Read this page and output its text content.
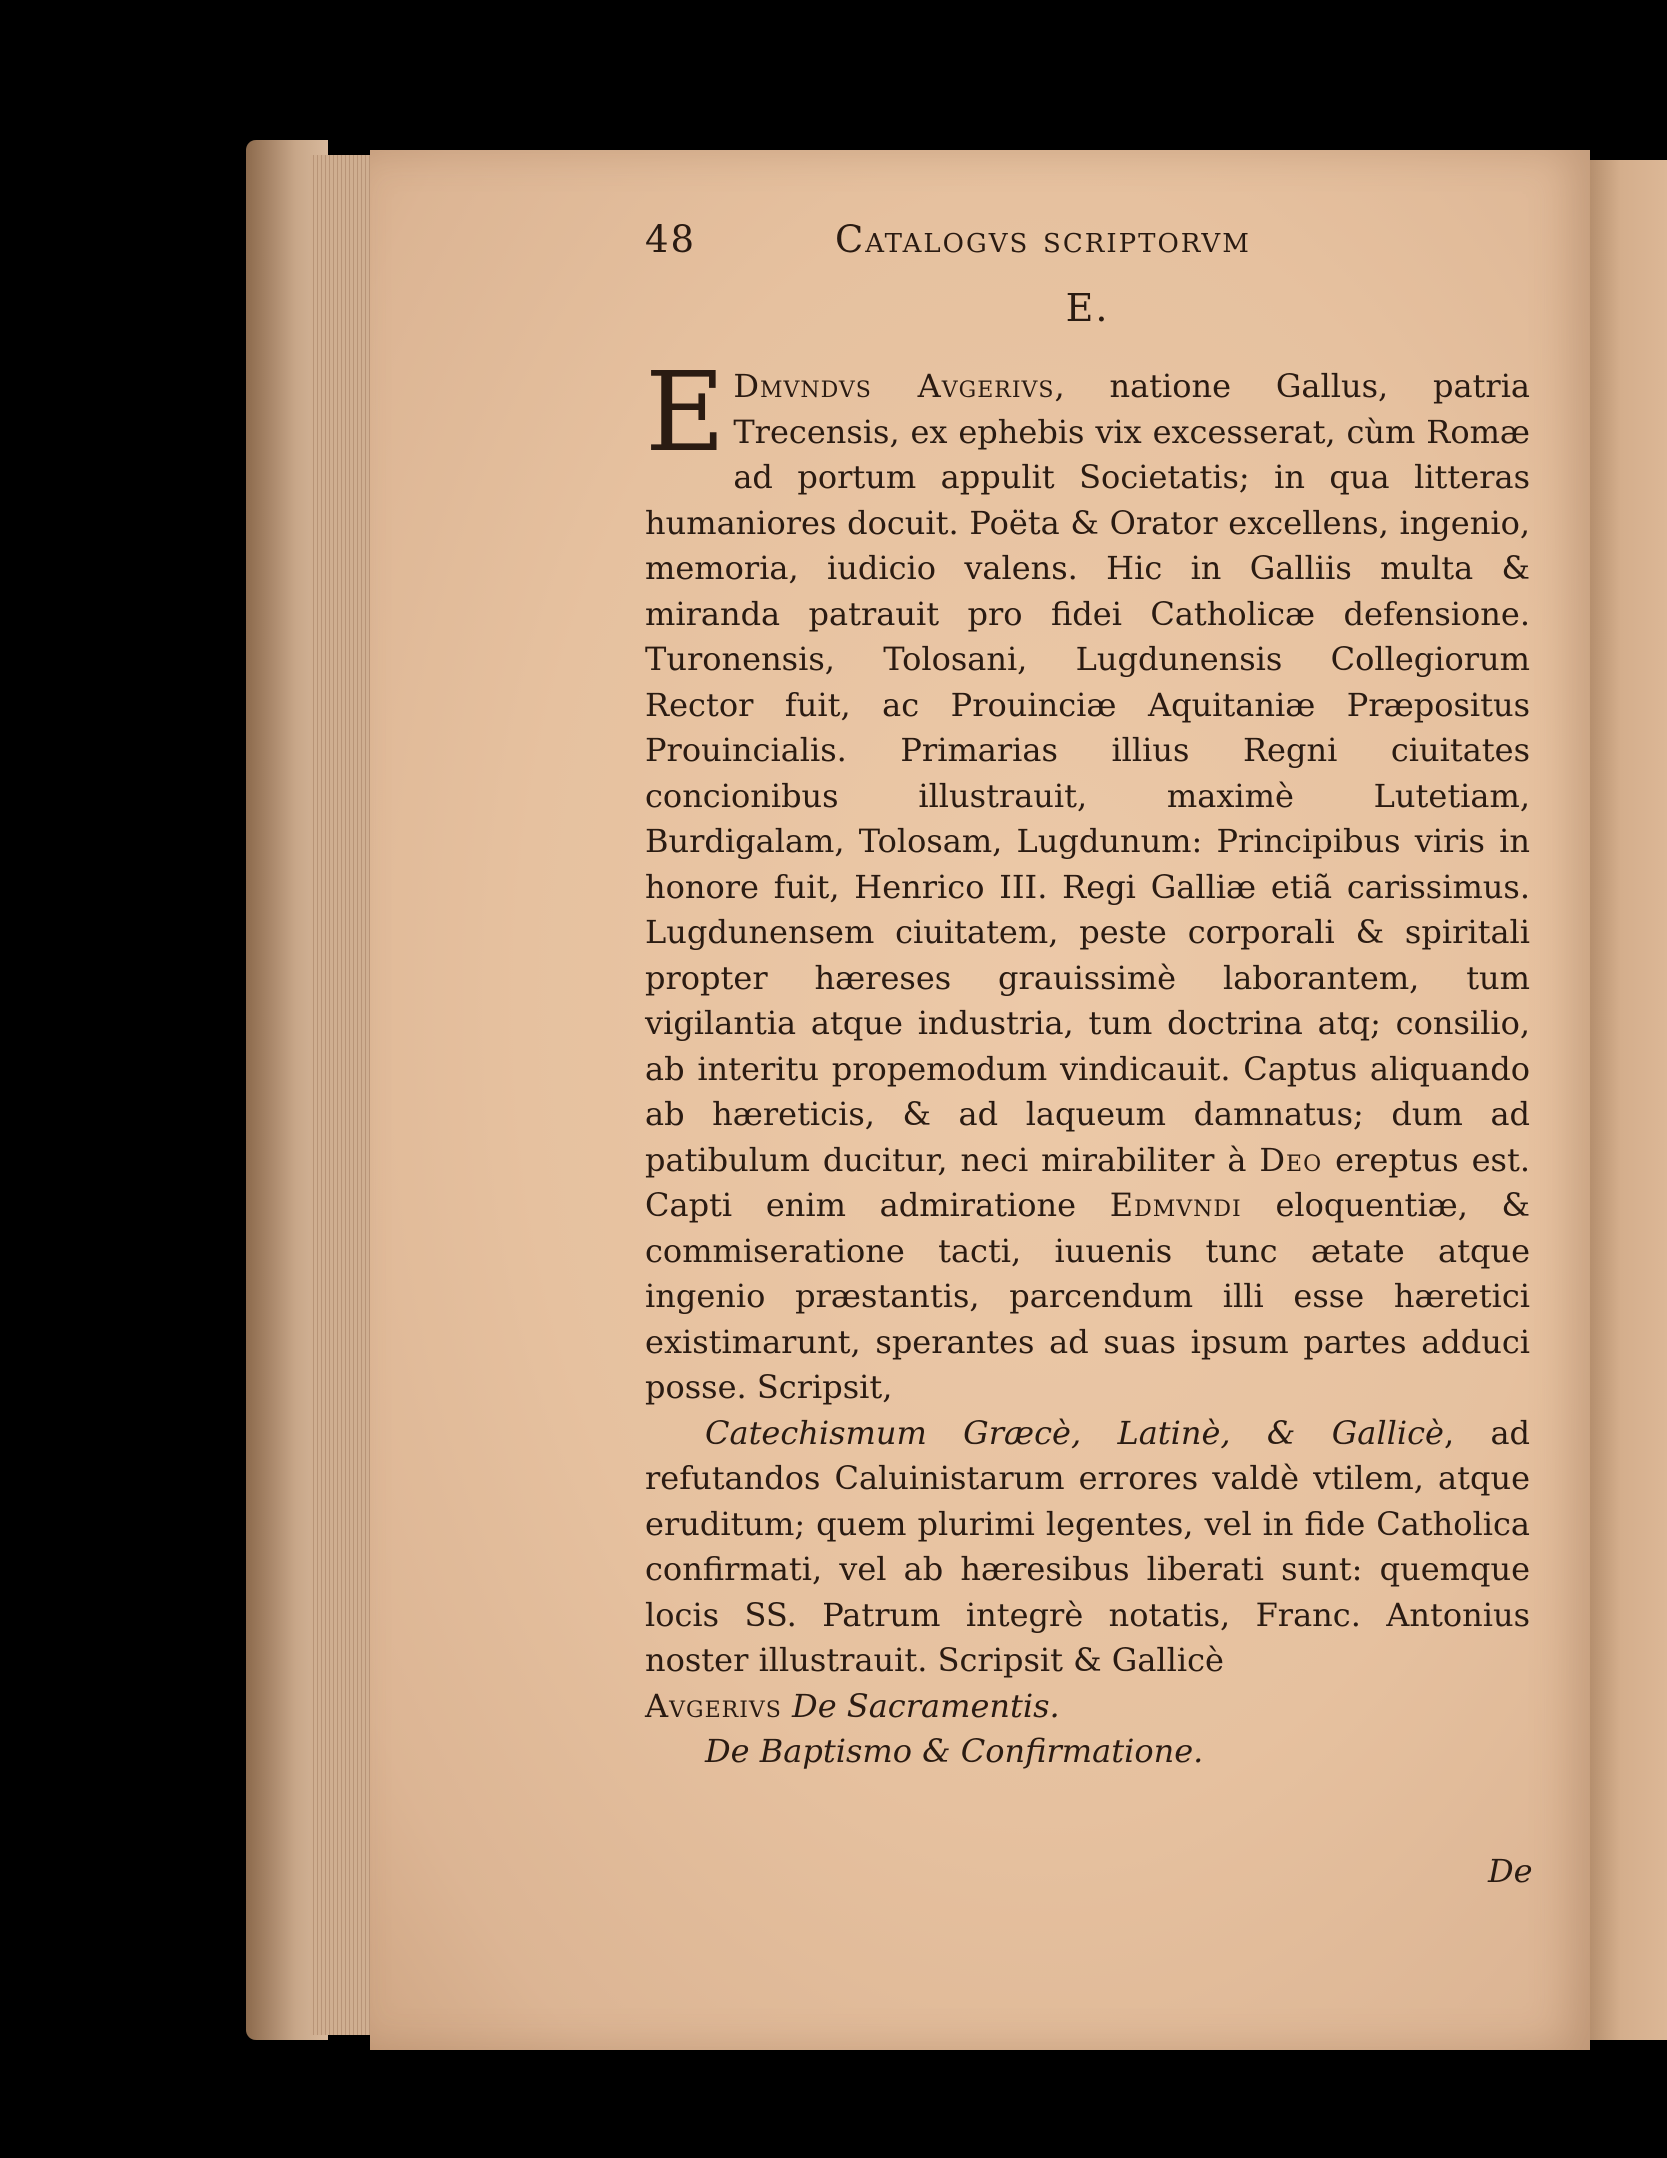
48	Catalogvs scriptorvm
E.

E Dmvndvs Avgerivs, natione Gallus, patria Trecensis, ex ephebis vix excesserat, cùm Romæ ad portum appulit Societatis; in qua litteras humaniores docuit. Poëta & Orator excellens, ingenio, memoria, iudicio valens. Hic in Galliis multa & miranda patrauit pro fidei Catholicæ defensione. Turonensis, Tolosani, Lugdunensis Collegiorum Rector fuit, ac Prouinciæ Aquitaniæ Præpositus Prouincialis. Primarias illius Regni ciuitates concionibus illustrauit, maximè Lutetiam, Burdigalam, Tolosam, Lugdunum: Principibus viris in honore fuit, Henrico III. Regi Galliæ etiã carissimus. Lugdunensem ciuitatem, peste corporali & spiritali propter hæreses grauissimè laborantem, tum vigilantia atque industria, tum doctrina atq; consilio, ab interitu propemodum vindicauit. Captus aliquando ab hæreticis, & ad laqueum damnatus; dum ad patibulum ducitur, neci mirabiliter à Deo ereptus est. Capti enim admiratione Edmvndi eloquentiæ, & commiseratione tacti, iuuenis tunc ætate atque ingenio præstantis, parcendum illi esse hæretici existimarunt, sperantes ad suas ipsum partes adduci posse. Scripsit,

Catechismum Græcè, Latinè, & Gallicè, ad refutandos Caluinistarum errores valdè vtilem, atque eruditum; quem plurimi legentes, vel in fide Catholica confirmati, vel ab hæresibus liberati sunt: quemque locis SS. Patrum integrè notatis, Franc. Antonius noster illustrauit. Scripsit & Gallicè
Avgerivs De Sacramentis.

De Baptismo & Confirmatione.

De
